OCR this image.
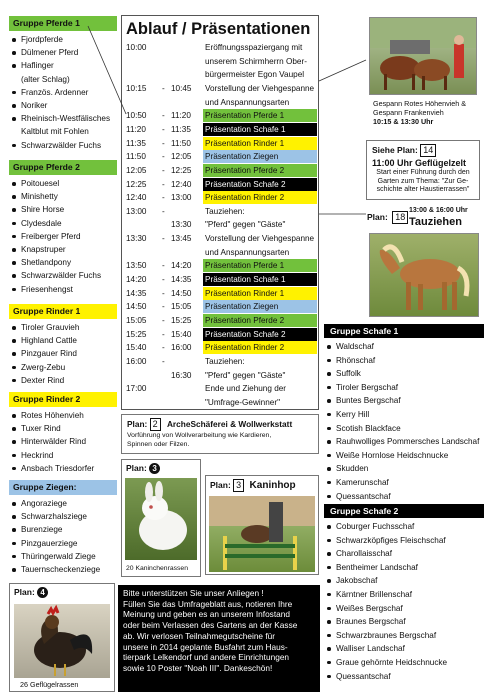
Gruppe Pferde 1
Fjordpferde
Dülmener Pferd
Haflinger
(alter Schlag)
Französ. Ardenner
Noriker
Rheinisch-Westfälisches
Kaltblut mit Fohlen
Schwarzwälder Fuchs
Gruppe Pferde 2
Poitouesel
Minishetty
Shire Horse
Clydesdale
Freiberger Pferd
Knapstruper
Shetlandpony
Schwarzwälder Fuchs
Friesenhengst
Gruppe Rinder 1
Tiroler Grauvieh
Highland Cattle
Pinzgauer Rind
Zwerg-Zebu
Dexter Rind
Gruppe Rinder 2
Rotes Höhenvieh
Tuxer Rind
Hinterwälder Rind
Heckrind
Ansbach Triesdorfer
Gruppe Ziegen:
Angoraziege
Schwarzhalsziege
Burenziege
Pinzgauerziege
Thüringerwald Ziege
Tauernscheckenziege
Plan: 4
26 Geflügelrassen
Ablauf / Präsentationen
10:00	Eröffnungsspaziergang mit
unserem Schirmherrn Ober-
bürgermeister Egon Vaupel
10:15 - 10:45 Vorstellung der Viehgespanne
und Anspannungsarten
10:50 - 11:20 Präsentation Pferde 1
11:20 - 11:35 Präsentation Schafe 1
11:35 - 11:50 Präsentation Rinder 1
11:50 - 12:05 Präsentation Ziegen
12:05 - 12:25 Präsentation Pferde 2
12:25 - 12:40 Präsentation Schafe 2
12:40 - 13:00 Präsentation Rinder 2
13:00 -	Tauziehen:
13:30 "Pferd" gegen "Gäste"
13:30 - 13:45 Vorstellung der Viehgespanne
und Anspannungsarten
13:50 - 14:20 Präsentation Pferde 1
14:20 - 14:35 Präsentation Schafe 1
14:35 - 14:50 Präsentation Rinder 1
14:50 - 15:05 Präsentation Ziegen
15:05 - 15:25 Präsentation Pferde 2
15:25 - 15:40 Präsentation Schafe 2
15:40 - 16:00 Präsentation Rinder 2
16:00 -	Tauziehen:
16:30 "Pferd" gegen "Gäste"
17:00	Ende und Ziehung der
"Umfrage-Gewinner"
Gespann Rotes Höhenvieh &
Gespann Frankenvieh
10:15 & 13:30 Uhr
Siehe Plan: 14
11:00 Uhr Geflügelzelt
Start einer Führung durch den
Garten zum Thema: "Zur Ge-
schichte alter Haustierrassen"
Plan: 18
13:00 & 16:00 Uhr
Tauziehen
Gruppe Schafe 1
Waldschaf
Rhönschaf
Suffolk
Tiroler Bergschaf
Buntes Bergschaf
Kerry Hill
Scotish Blackface
Rauhwolliges Pommersches Landschaf
Weiße Hornlose Heidschnucke
Skudden
Kamerunschaf
Quessantschaf
Gruppe Schafe 2
Coburger Fuchsschaf
Schwarzköpfiges Fleischschaf
Charollaisschaf
Bentheimer Landschaf
Jakobschaf
Kärntner Brillenschaf
Weißes Bergschaf
Braunes Bergschaf
Schwarzbraunes Bergschaf
Walliser Landschaf
Graue gehörnte Heidschnucke
Quessantschaf
Plan: 2 ArcheSchäferei & Wollwerkstatt
Vorführung von Wollverarbeitung wie Kardieren,
Spinnen oder Filzen.
Plan: 3
20 Kaninchenrassen
Plan: 3 Kaninhop
Bitte unterstützen Sie unser Anliegen !
Füllen Sie das Umfrageblatt aus, notieren Ihre
Meinung und geben es an unserem Infostand
oder beim Verlassen des Gartens an der Kasse
ab. Wir verlosen Teilnahmegutscheine für
unsere in 2014 geplante Busfahrt zum Haus-
tierpark Lelkendorf und andere Einrichtungen
sowie 10 Poster "Noah III". Dankeschön!
